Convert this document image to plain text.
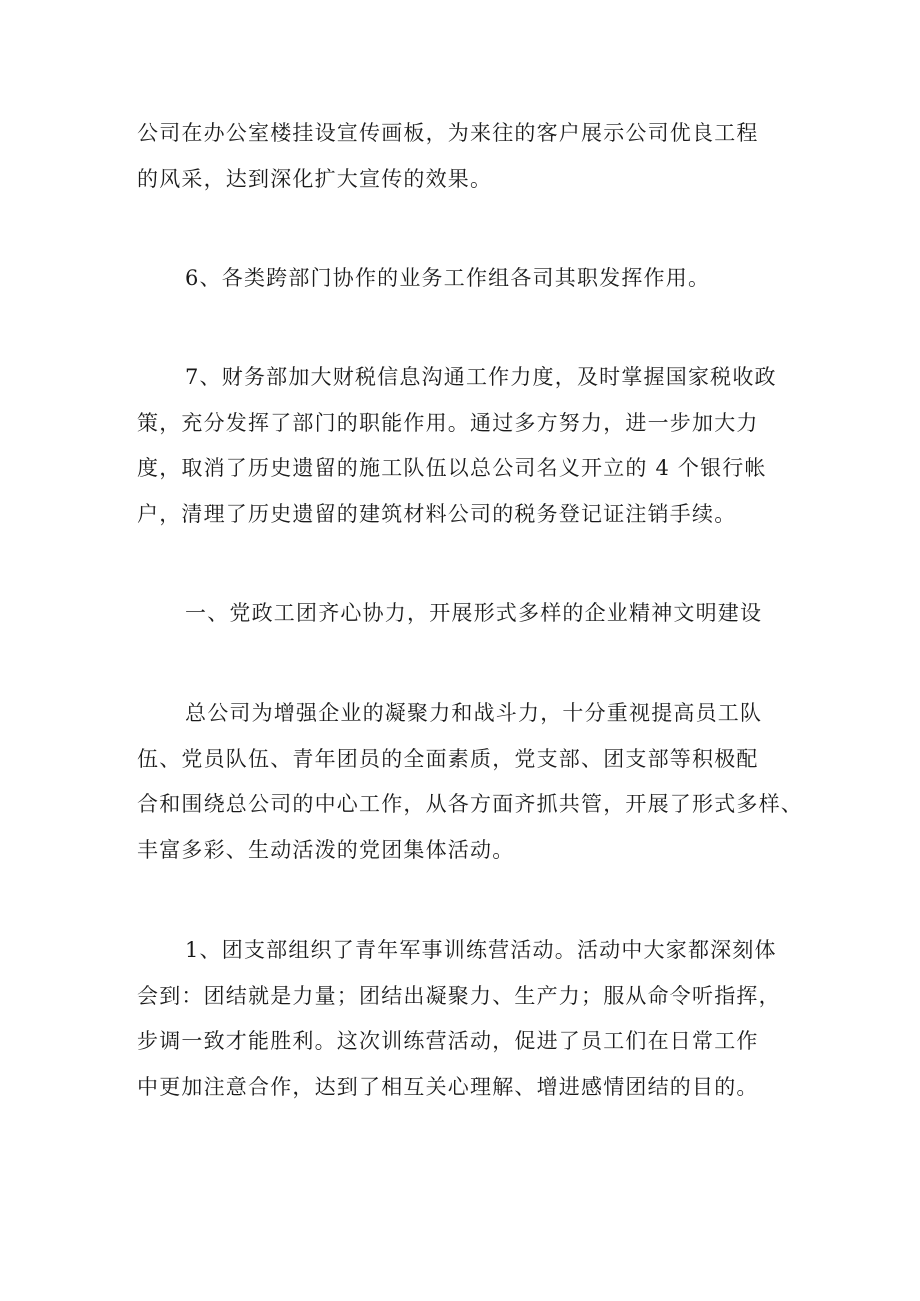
公司在办公室楼挂设宣传画板，为来往的客户展示公司优良工程
的风采，达到深化扩大宣传的效果。
6、各类跨部门协作的业务工作组各司其职发挥作用。
7、财务部加大财税信息沟通工作力度，及时掌握国家税收政
策，充分发挥了部门的职能作用。通过多方努力，进一步加大力
度，取消了历史遗留的施工队伍以总公司名义开立的 4 个银行帐
户，清理了历史遗留的建筑材料公司的税务登记证注销手续。
一、党政工团齐心协力，开展形式多样的企业精神文明建设
总公司为增强企业的凝聚力和战斗力，十分重视提高员工队
伍、党员队伍、青年团员的全面素质，党支部、团支部等积极配
合和围绕总公司的中心工作，从各方面齐抓共管，开展了形式多样、
丰富多彩、生动活泼的党团集体活动。
1、团支部组织了青年军事训练营活动。活动中大家都深刻体
会到：团结就是力量；团结出凝聚力、生产力；服从命令听指挥，
步调一致才能胜利。这次训练营活动，促进了员工们在日常工作
中更加注意合作，达到了相互关心理解、增进感情团结的目的。
